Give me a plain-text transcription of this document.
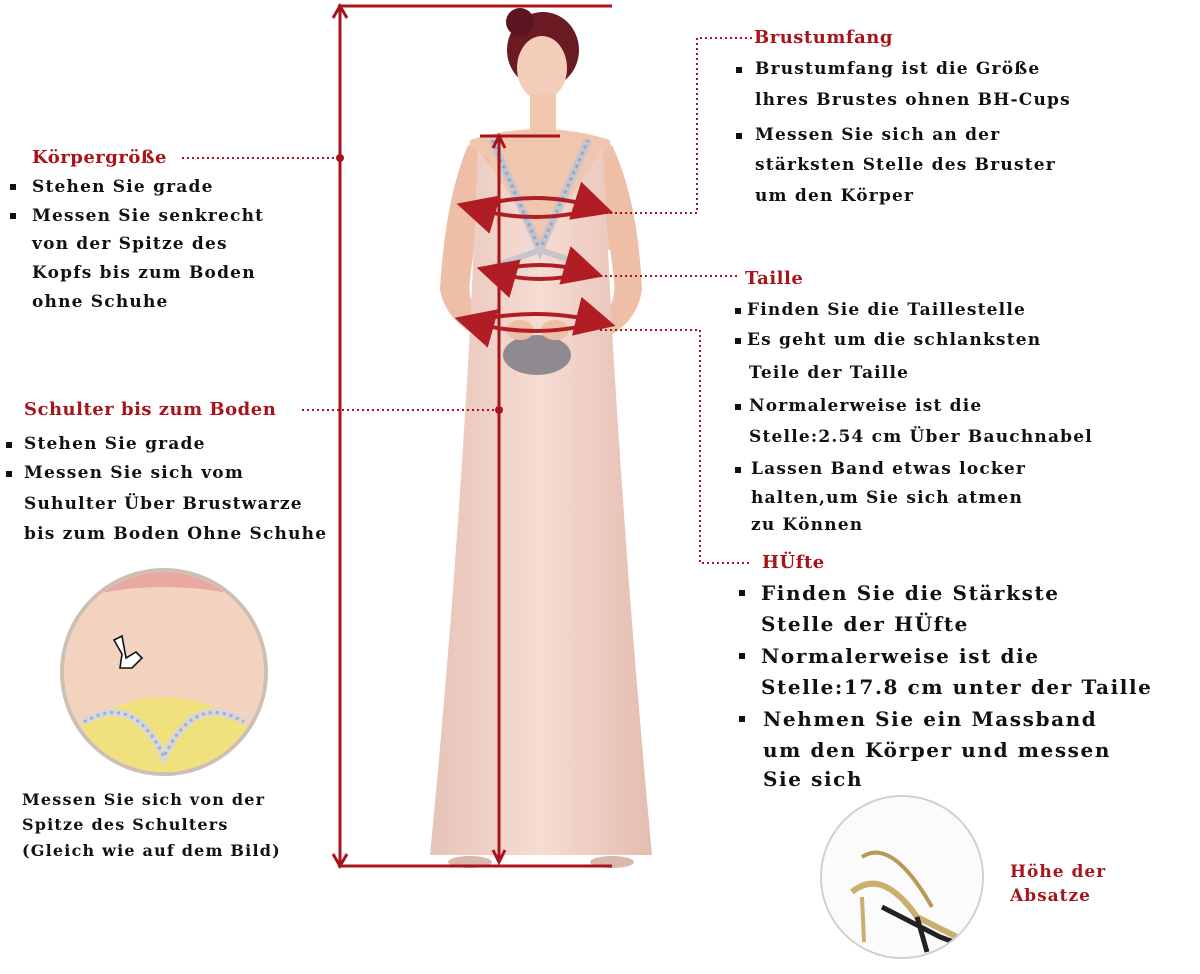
Körpergröße
Stehen Sie grade
Messen Sie senkrecht
von der Spitze des
Kopfs bis zum Boden
ohne Schuhe
Schulter bis zum Boden
Stehen Sie grade
Messen Sie sich vom
Suhulter Über Brustwarze
bis zum Boden Ohne Schuhe
Messen Sie sich von der
Spitze des Schulters
(Gleich wie auf dem Bild)
Brustumfang
Brustumfang ist die Größe
lhres Brustes ohnen BH-Cups
Messen Sie sich an der
stärksten Stelle des Bruster
um den Körper
Taille
Finden Sie die Taillestelle
Es geht um die schlanksten
Teile der Taille
Normalerweise ist die
Stelle:2.54 cm Über Bauchnabel
Lassen Band etwas locker
halten,um Sie sich atmen
zu Können
HÜfte
Finden Sie die Stärkste
Stelle der HÜfte
Normalerweise ist die
Stelle:17.8 cm unter der Taille
Nehmen Sie ein Massband
um den Körper und messen
Sie sich
Höhe der
Absatze
